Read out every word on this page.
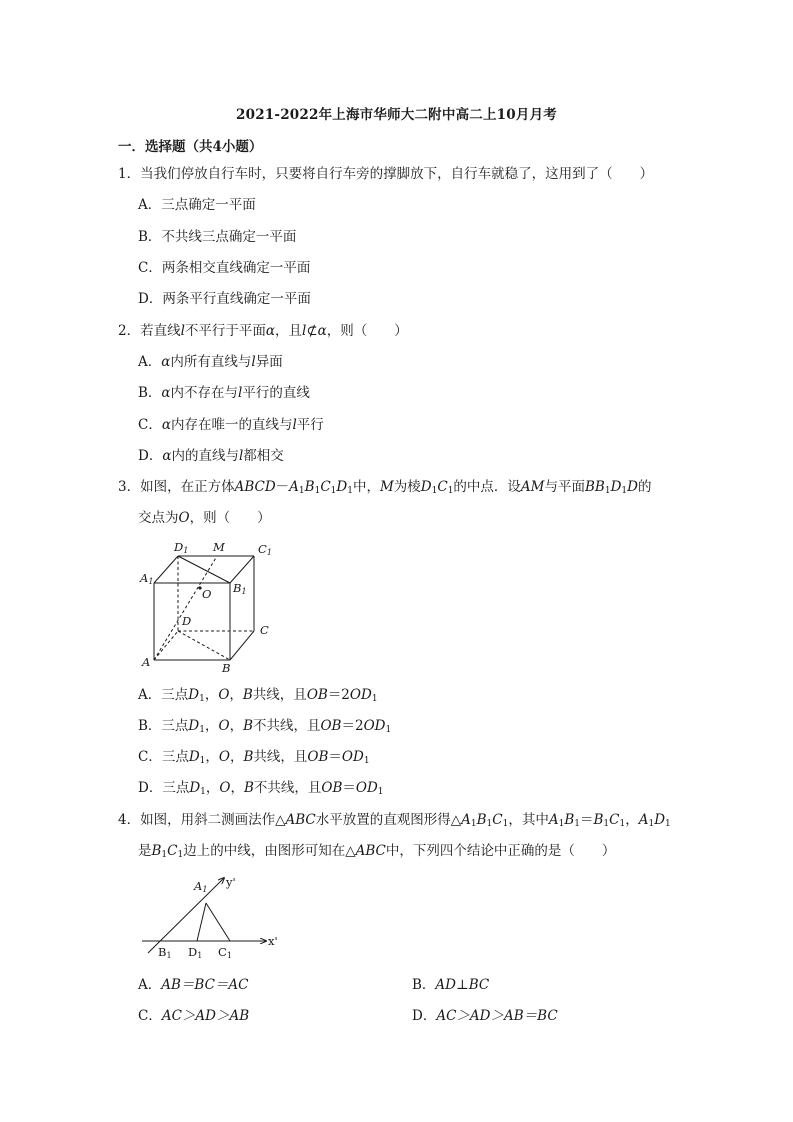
2021-2022年上海市华师大二附中高二上10月月考
一．选择题（共4小题）
1．当我们停放自行车时，只要将自行车旁的撑脚放下，自行车就稳了，这用到了（　　）
A．三点确定一平面
B．不共线三点确定一平面
C．两条相交直线确定一平面
D．两条平行直线确定一平面
2．若直线l不平行于平面α，且l⊄α，则（　　）
A．α内所有直线与l异面
B．α内不存在与l平行的直线
C．α内存在唯一的直线与l平行
D．α内的直线与l都相交
3．如图，在正方体$ABCD-A_1B_1C_1D_1$中，M为棱$D_1C_1$的中点．设AM与平面$BB_1D_1D$的
交点为O，则（　　）
D1 M	C1
A1	B1
O
D
C
A	B
A．三点$D_1$，O，B共线，且$OB=2OD_1$
B．三点$D_1$，O，B不共线，且$OB=2OD_1$
C．三点$D_1$，O，B共线，且$OB=OD_1$
D．三点$D_1$，O，B不共线，且$OB=OD_1$
4．如图，用斜二测画法作△ABC水平放置的直观图形得$\triangle A_1B_1C_1$，其中$A_1B_1=B_1C_1$，$A_1D_1$
是$B_1C_1$边上的中线，由图形可知在△ABC中，下列四个结论中正确的是（　　）
A1
y'
x'
B1 D1 C1
A．AB＝BC＝AC	B．AD⊥BC
C．AC＞AD＞AB	D．AC＞AD＞AB＝BC
